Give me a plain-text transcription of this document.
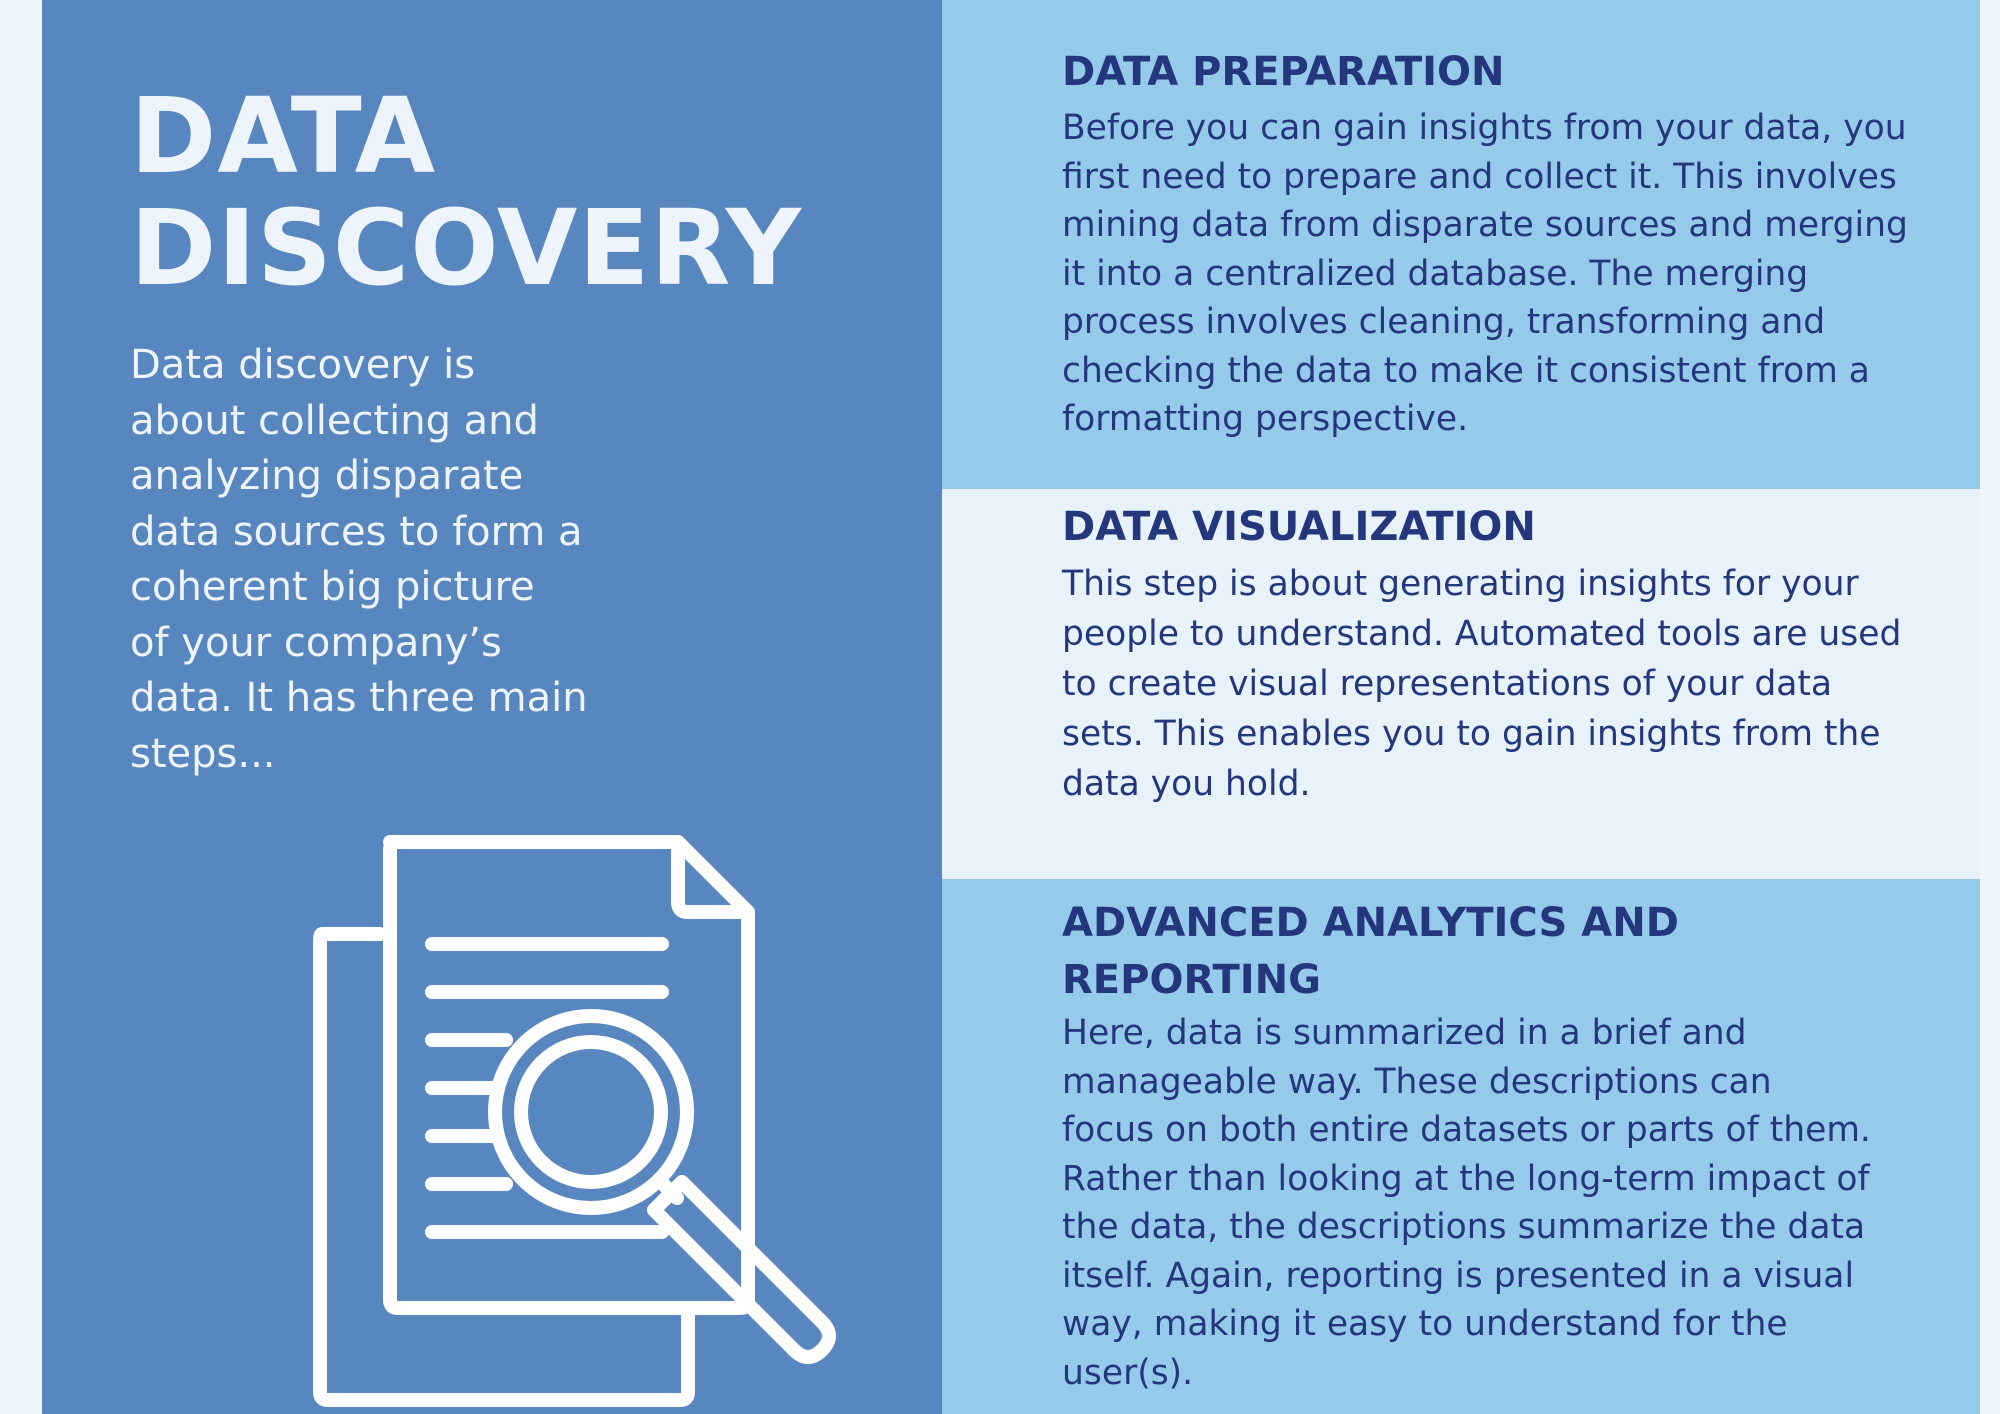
DATA
DISCOVERY

Data discovery is
about collecting and
analyzing disparate
data sources to form a
coherent big picture
of your company’s
data. It has three main
steps...

DATA PREPARATION

Before you can gain insights from your data, you
first need to prepare and collect it. This involves
mining data from disparate sources and merging
it into a centralized database. The merging
process involves cleaning, transforming and
checking the data to make it consistent from a
formatting perspective.

DATA VISUALIZATION

This step is about generating insights for your
people to understand. Automated tools are used
to create visual representations of your data
sets. This enables you to gain insights from the
data you hold.

ADVANCED ANALYTICS AND
REPORTING

Here, data is summarized in a brief and
manageable way. These descriptions can
focus on both entire datasets or parts of them.
Rather than looking at the long-term impact of
the data, the descriptions summarize the data
itself. Again, reporting is presented in a visual
way, making it easy to understand for the
user(s).
